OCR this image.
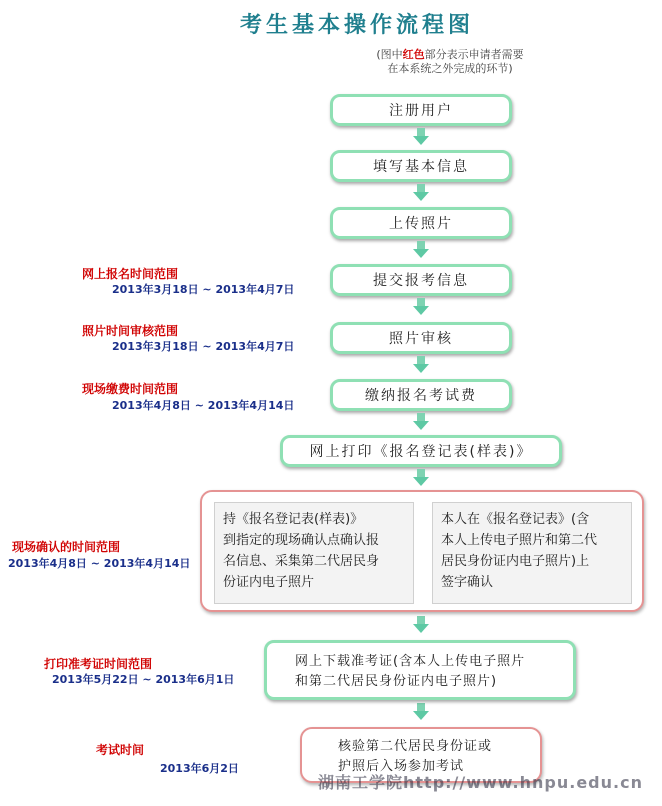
考生基本操作流程图
(图中红色部分表示申请者需要
在本系统之外完成的环节)
注册用户
填写基本信息
上传照片
提交报考信息
照片审核
缴纳报名考试费
网上打印《报名登记表(样表)》
持《报名登记表(样表)》
到指定的现场确认点确认报
名信息、采集第二代居民身
份证内电子照片
本人在《报名登记表》(含
本人上传电子照片和第二代
居民身份证内电子照片)上
签字确认
网上下载准考证(含本人上传电子照片
和第二代居民身份证内电子照片)
核验第二代居民身份证或
护照后入场参加考试
网上报名时间范围
2013年3月18日 ~ 2013年4月7日
照片时间审核范围
2013年3月18日 ~ 2013年4月7日
现场缴费时间范围
2013年4月8日 ~ 2013年4月14日
现场确认的时间范围
2013年4月8日 ~ 2013年4月14日
打印准考证时间范围
2013年5月22日 ~ 2013年6月1日
考试时间
2013年6月2日
湖南工学院http://www.hnpu.edu.cn
